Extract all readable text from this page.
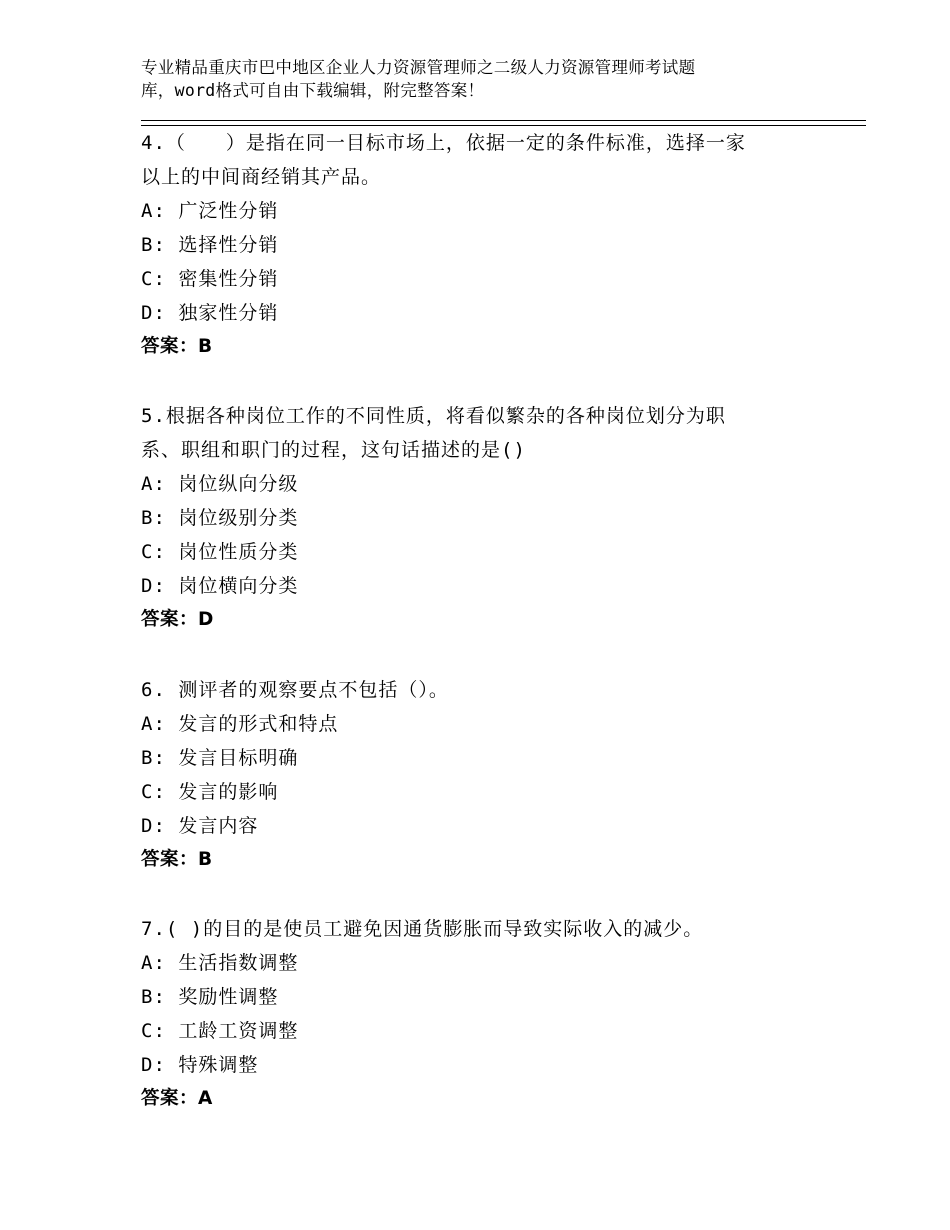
专业精品重庆市巴中地区企业人力资源管理师之二级人力资源管理师考试题
库，word格式可自由下载编辑，附完整答案！
4.（　　）是指在同一目标市场上，依据一定的条件标准，选择一家
以上的中间商经销其产品。
A: 广泛性分销
B: 选择性分销
C: 密集性分销
D: 独家性分销
答案：B
5.根据各种岗位工作的不同性质，将看似繁杂的各种岗位划分为职
系、职组和职门的过程，这句话描述的是()
A: 岗位纵向分级
B: 岗位级别分类
C: 岗位性质分类
D: 岗位横向分类
答案：D
6. 测评者的观察要点不包括（）。
A: 发言的形式和特点
B: 发言目标明确
C: 发言的影响
D: 发言内容
答案：B
7.( )的目的是使员工避免因通货膨胀而导致实际收入的减少。
A: 生活指数调整
B: 奖励性调整
C: 工龄工资调整
D: 特殊调整
答案：A
